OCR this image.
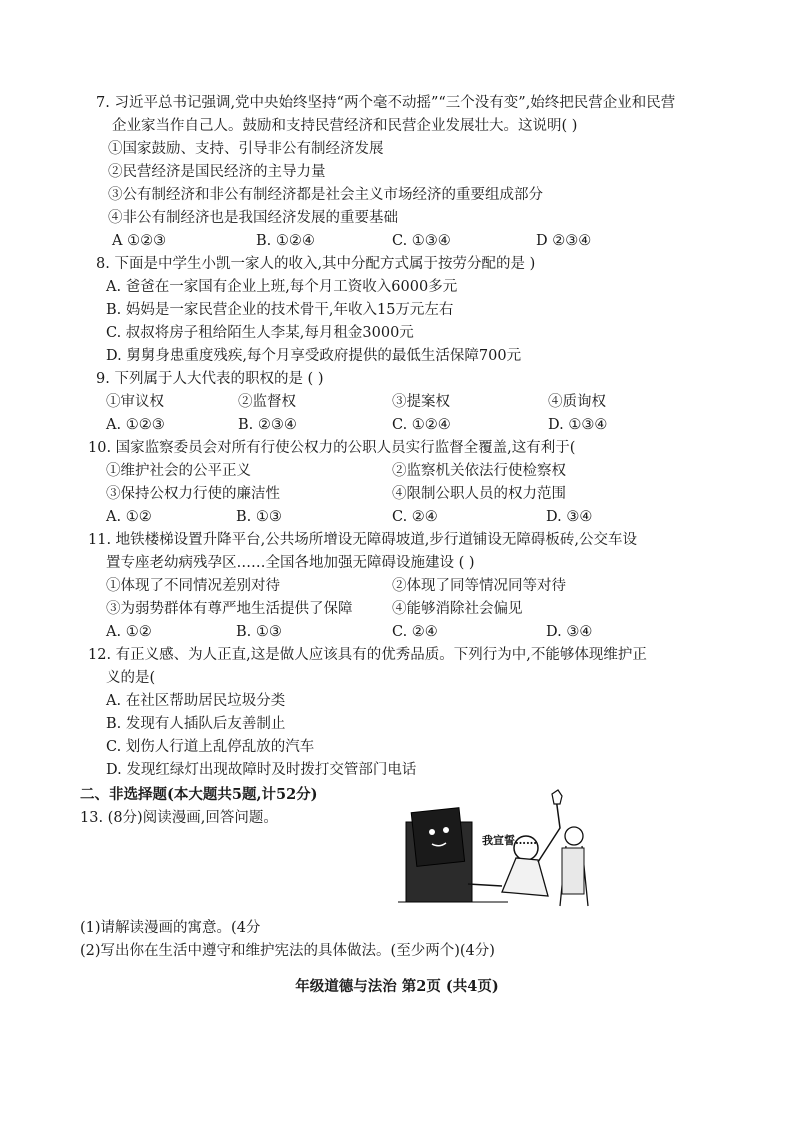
7. 习近平总书记强调,党中央始终坚持“两个毫不动摇”“三个没有变”,始终把民营企业和民营
企业家当作自己人。鼓励和支持民营经济和民营企业发展壮大。这说明( )
①国家鼓励、支持、引导非公有制经济发展
②民营经济是国民经济的主导力量
③公有制经济和非公有制经济都是社会主义市场经济的重要组成部分
④非公有制经济也是我国经济发展的重要基础
A ①②③	B. ①②④	C. ①③④	D ②③④
8. 下面是中学生小凯一家人的收入,其中分配方式属于按劳分配的是 )
A. 爸爸在一家国有企业上班,每个月工资收入6000多元
B. 妈妈是一家民营企业的技术骨干,年收入15万元左右
C. 叔叔将房子租给陌生人李某,每月租金3000元
D. 舅舅身患重度残疾,每个月享受政府提供的最低生活保障700元
9. 下列属于人大代表的职权的是 ( )
①审议权	②监督权	③提案权	④质询权
A. ①②③	B. ②③④	C. ①②④	D. ①③④
10. 国家监察委员会对所有行使公权力的公职人员实行监督全覆盖,这有利于(
①维护社会的公平正义	②监察机关依法行使检察权
③保持公权力行使的廉洁性	④限制公职人员的权力范围
A. ①②	B. ①③	C. ②④	D. ③④
11. 地铁楼梯设置升降平台,公共场所增设无障碍坡道,步行道铺设无障碍板砖,公交车设
置专座老幼病残孕区……全国各地加强无障碍设施建设 ( )
①体现了不同情况差别对待	②体现了同等情况同等对待
③为弱势群体有尊严地生活提供了保障	④能够消除社会偏见
A. ①②	B. ①③	C. ②④	D. ③④
12. 有正义感、为人正直,这是做人应该具有的优秀品质。下列行为中,不能够体现维护正
义的是(
A. 在社区帮助居民垃圾分类
B. 发现有人插队后友善制止
C. 划伤人行道上乱停乱放的汽车
D. 发现红绿灯出现故障时及时拨打交管部门电话
二、非选择题(本大题共5题,计52分)
13. (8分)阅读漫画,回答问题。
我宣誓……
(1)请解读漫画的寓意。(4分
(2)写出你在生活中遵守和维护宪法的具体做法。(至少两个)(4分)
年级道德与法治 第2页 (共4页)
